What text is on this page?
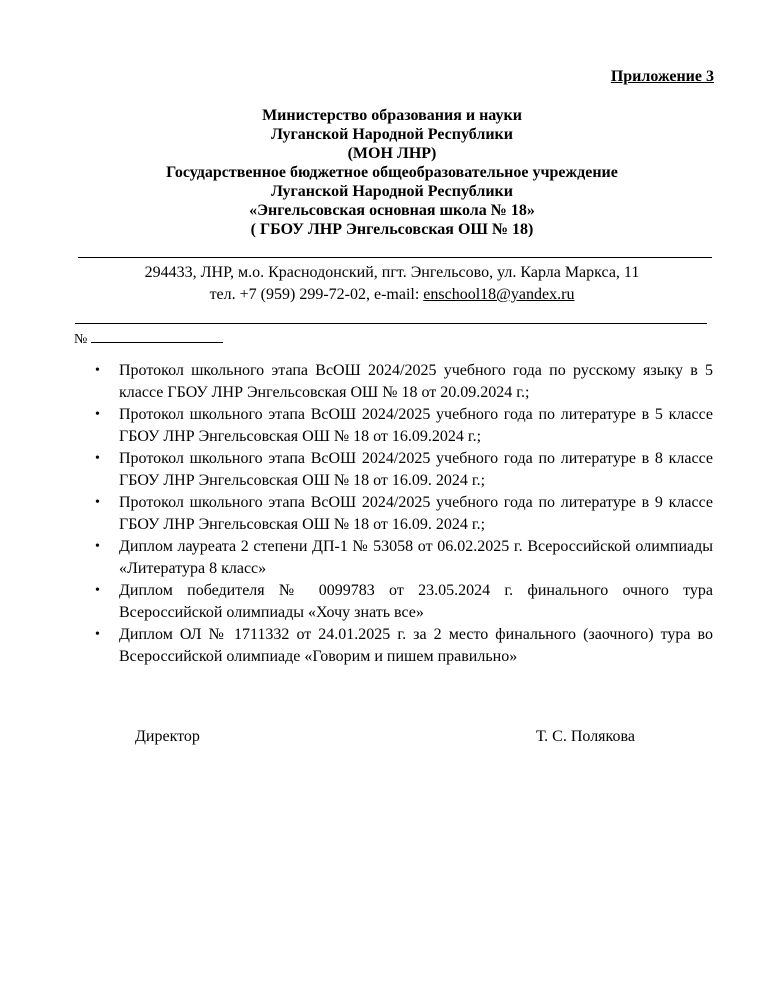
Приложение 3
Министерство образования и науки
Луганской Народной Республики
(МОН ЛНР)
Государственное бюджетное общеобразовательное учреждение
Луганской Народной Республики
«Энгельсовская основная школа № 18»
( ГБОУ ЛНР Энгельсовская ОШ № 18)
294433, ЛНР, м.о. Краснодонский, пгт. Энгельсово, ул. Карла Маркса, 11
тел. +7 (959) 299-72-02, e-mail: enschool18@yandex.ru
№
• Протокол школьного этапа ВсОШ 2024/2025 учебного года по русскому языку в 5 классе ГБОУ ЛНР Энгельсовская ОШ № 18 от 20.09.2024 г.;
• Протокол школьного этапа ВсОШ 2024/2025 учебного года по литературе в 5 классе ГБОУ ЛНР Энгельсовская ОШ № 18 от 16.09.2024 г.;
• Протокол школьного этапа ВсОШ 2024/2025 учебного года по литературе в 8 классе ГБОУ ЛНР Энгельсовская ОШ № 18 от 16.09. 2024 г.;
• Протокол школьного этапа ВсОШ 2024/2025 учебного года по литературе в 9 классе ГБОУ ЛНР Энгельсовская ОШ № 18 от 16.09. 2024 г.;
• Диплом лауреата 2 степени ДП-1 № 53058 от 06.02.2025 г. Всероссийской олимпиады «Литература 8 класс»
• Диплом победителя № 0099783 от 23.05.2024 г. финального очного тура Всероссийской олимпиады «Хочу знать все»
• Диплом ОЛ № 1711332 от 24.01.2025 г. за 2 место финального (заочного) тура во Всероссийской олимпиаде «Говорим и пишем правильно»
Директор	Т. С. Полякова
